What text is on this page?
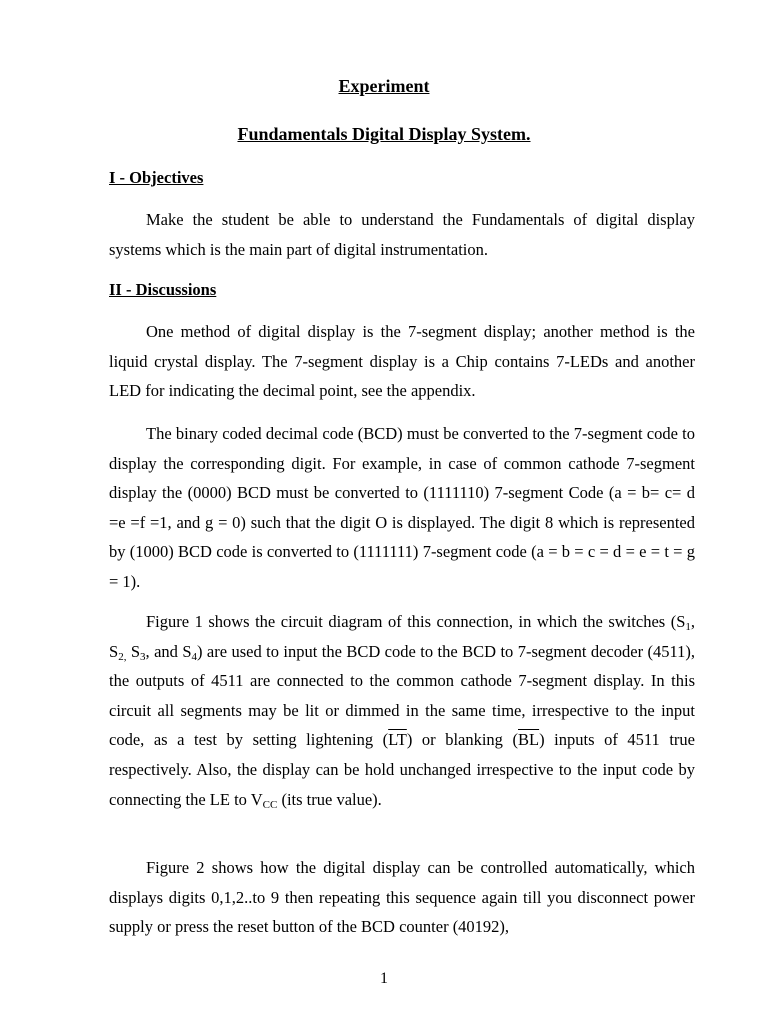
Experiment
Fundamentals Digital Display System.
I - Objectives

Make the student be able to understand the Fundamentals of digital display systems which is the main part of digital instrumentation.

II - Discussions

One method of digital display is the 7-segment display; another method is the liquid crystal display. The 7-segment display is a Chip contains 7-LEDs and another LED for indicating the decimal point, see the appendix.

The binary coded decimal code (BCD) must be converted to the 7-segment code to display the corresponding digit. For example, in case of common cathode 7-segment display the (0000) BCD must be converted to (1111110) 7-segment Code (a = b= c= d =e =f =1, and g = 0) such that the digit O is displayed. The digit 8 which is represented by (1000) BCD code is converted to (1111111) 7-segment code (a = b = c = d = e = t = g = 1).

Figure 1 shows the circuit diagram of this connection, in which the switches ($S_1$, $S_{2,}$ $S_3$, and $S_4$) are used to input the BCD code to the BCD to 7-segment decoder (4511), the outputs of 4511 are connected to the common cathode 7-segment display. In this circuit all segments may be lit or dimmed in the same time, irrespective to the input code, as a test by setting lightening $(\overline{LT})$ or blanking $(\overline{BL})$ inputs of 4511 true respectively. Also, the display can be hold unchanged irrespective to the input code by connecting the LE to $V_{CC}$ (its true value).

Figure 2 shows how the digital display can be controlled automatically, which displays digits 0,1,2..to 9 then repeating this sequence again till you disconnect power supply or press the reset button of the BCD counter (40192),

1
